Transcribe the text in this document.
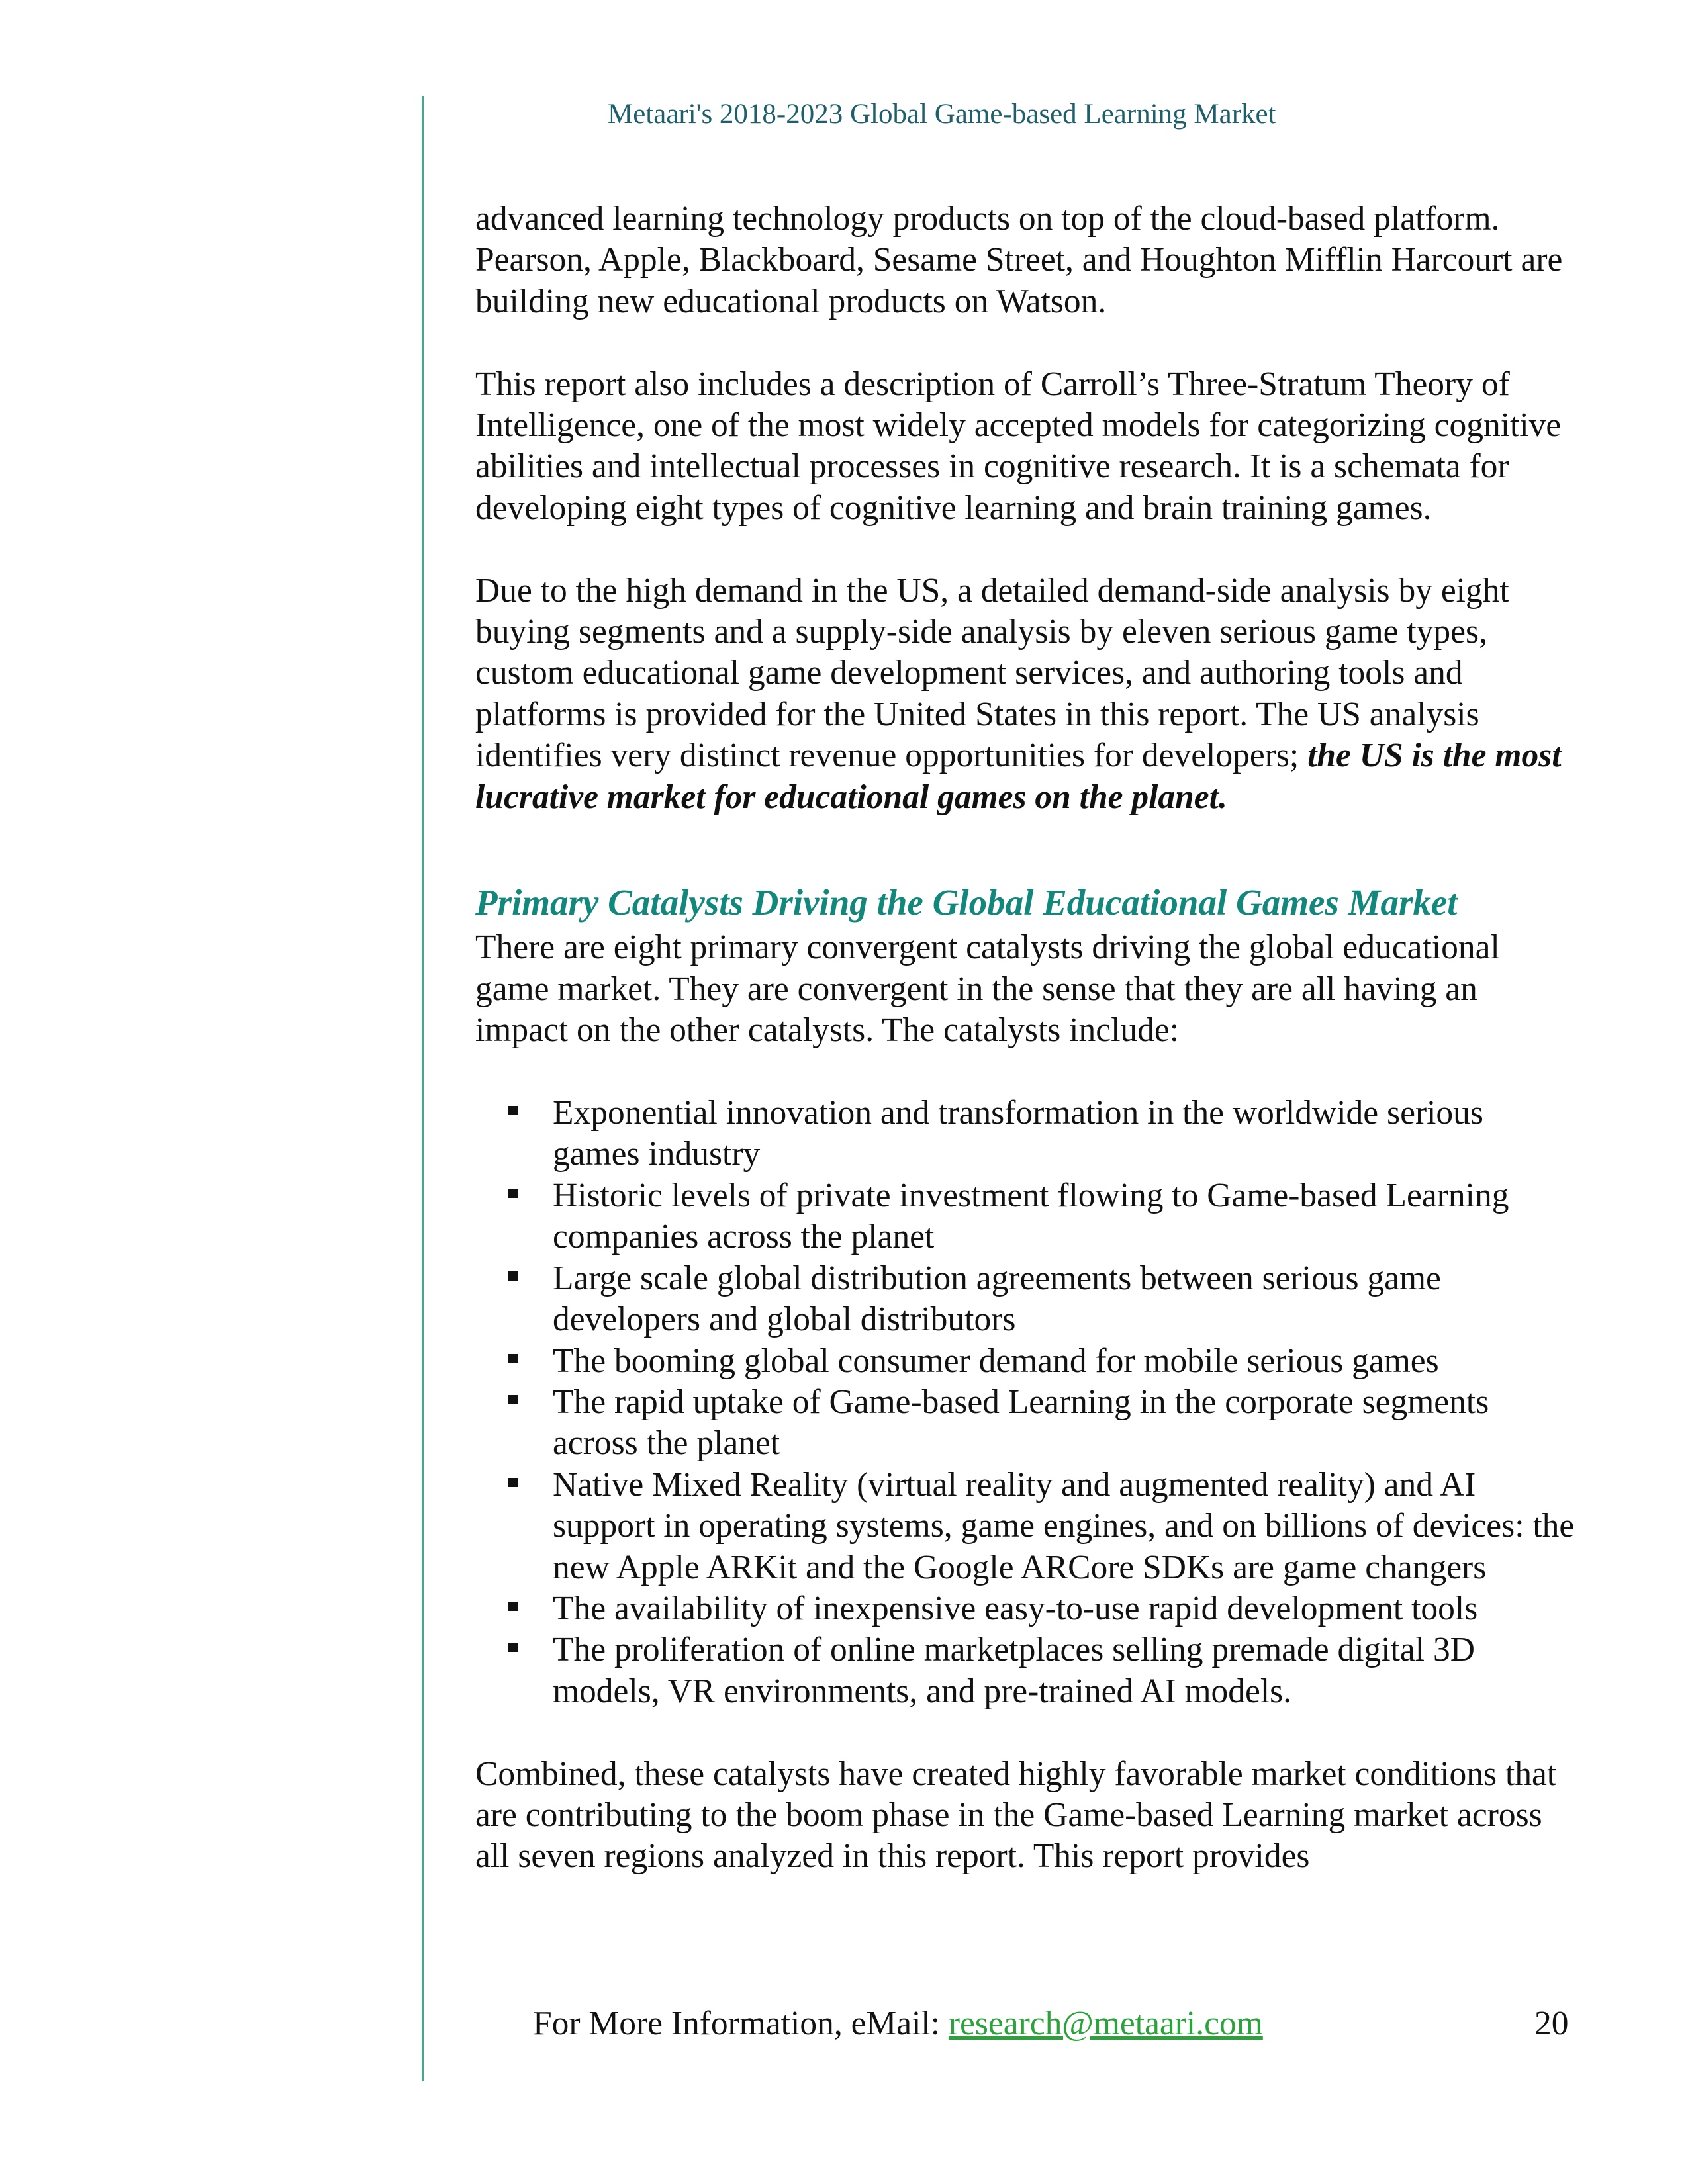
Metaari's 2018-2023 Global Game-based Learning Market

advanced learning technology products on top of the cloud-based platform. Pearson, Apple, Blackboard, Sesame Street, and Houghton Mifflin Harcourt are building new educational products on Watson.

This report also includes a description of Carroll’s Three-Stratum Theory of Intelligence, one of the most widely accepted models for categorizing cognitive abilities and intellectual processes in cognitive research. It is a schemata for developing eight types of cognitive learning and brain training games.

Due to the high demand in the US, a detailed demand-side analysis by eight buying segments and a supply-side analysis by eleven serious game types, custom educational game development services, and authoring tools and platforms is provided for the United States in this report. The US analysis identifies very distinct revenue opportunities for developers; the US is the most lucrative market for educational games on the planet.

Primary Catalysts Driving the Global Educational Games Market

There are eight primary convergent catalysts driving the global educational game market. They are convergent in the sense that they are all having an impact on the other catalysts. The catalysts include:

Exponential innovation and transformation in the worldwide serious games industry
Historic levels of private investment flowing to Game-based Learning companies across the planet
Large scale global distribution agreements between serious game developers and global distributors
The booming global consumer demand for mobile serious games
The rapid uptake of Game-based Learning in the corporate segments across the planet
Native Mixed Reality (virtual reality and augmented reality) and AI support in operating systems, game engines, and on billions of devices: the new Apple ARKit and the Google ARCore SDKs are game changers
The availability of inexpensive easy-to-use rapid development tools
The proliferation of online marketplaces selling premade digital 3D models, VR environments, and pre-trained AI models.

Combined, these catalysts have created highly favorable market conditions that are contributing to the boom phase in the Game-based Learning market across all seven regions analyzed in this report. This report provides

For More Information, eMail: research@metaari.com	20
